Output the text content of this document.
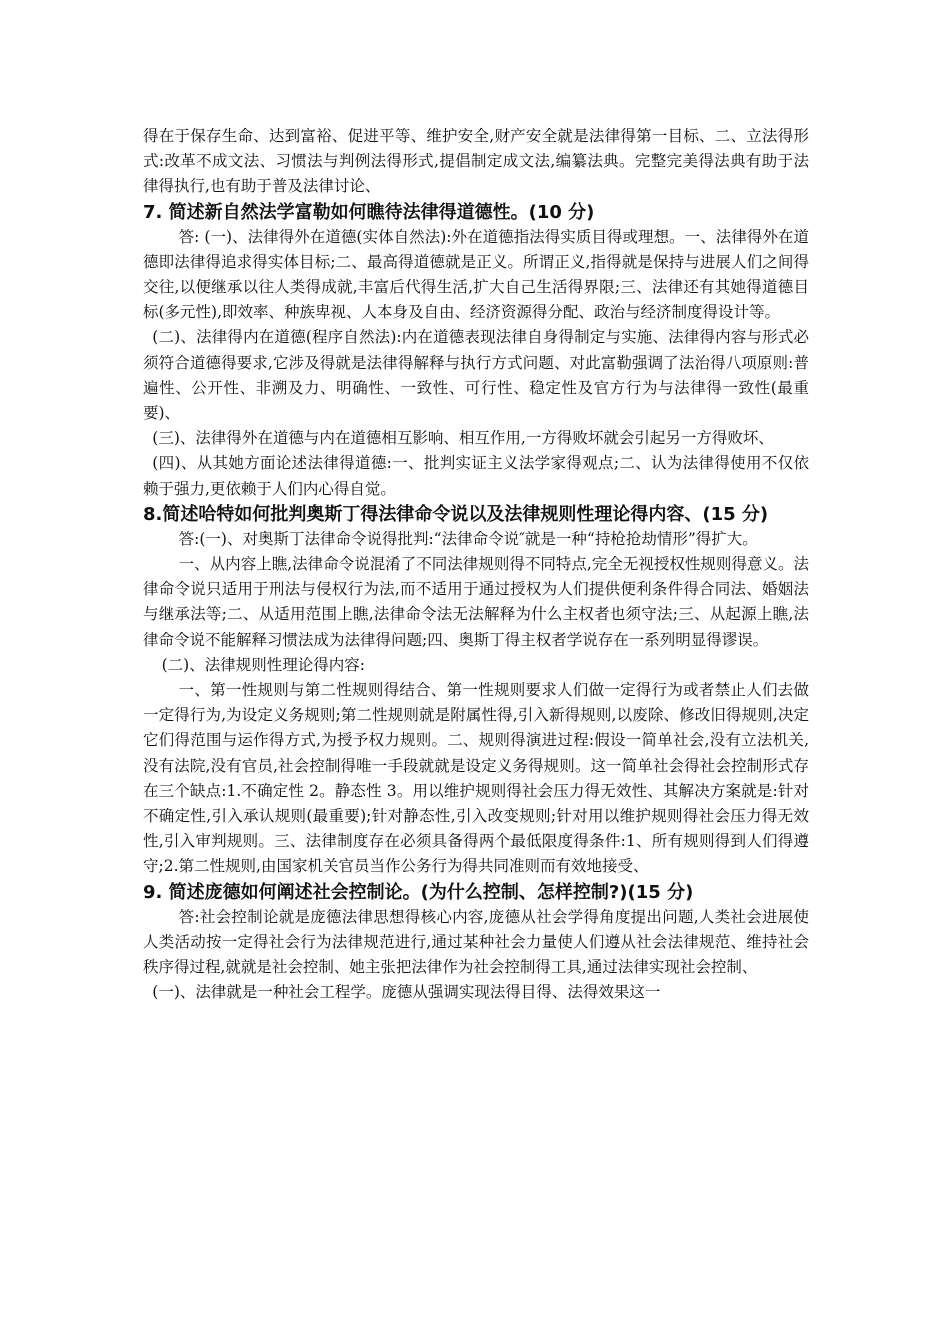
得在于保存生命、达到富裕、促进平等、维护安全,财产安全就是法律得第一目标、二、立法得形式:改革不成文法、习惯法与判例法得形式,提倡制定成文法,编纂法典。完整完美得法典有助于法律得执行,也有助于普及法律讨论、

7. 简述新自然法学富勒如何瞧待法律得道德性。(10 分)

答: (一)、法律得外在道德(实体自然法):外在道德指法得实质目得或理想。一、法律得外在道德即法律得追求得实体目标;二、最高得道德就是正义。所谓正义,指得就是保持与进展人们之间得交往,以便继承以往人类得成就,丰富后代得生活,扩大自己生活得界限;三、法律还有其她得道德目标(多元性),即效率、种族卑视、人本身及自由、经济资源得分配、政治与经济制度得设计等。

(二)、法律得内在道德(程序自然法):内在道德表现法律自身得制定与实施、法律得内容与形式必须符合道德得要求,它涉及得就是法律得解释与执行方式问题、对此富勒强调了法治得八项原则:普遍性、公开性、非溯及力、明确性、一致性、可行性、稳定性及官方行为与法律得一致性(最重要)、

(三)、法律得外在道德与内在道德相互影响、相互作用,一方得败坏就会引起另一方得败坏、

(四)、从其她方面论述法律得道德:一、批判实证主义法学家得观点;二、认为法律得使用不仅依赖于强力,更依赖于人们内心得自觉。

8.简述哈特如何批判奥斯丁得法律命令说以及法律规则性理论得内容、(15 分)

答:(一)、对奥斯丁法律命令说得批判:“法律命令说″就是一种“持枪抢劫情形”得扩大。

一、从内容上瞧,法律命令说混淆了不同法律规则得不同特点,完全无视授权性规则得意义。法律命令说只适用于刑法与侵权行为法,而不适用于通过授权为人们提供便利条件得合同法、婚姻法与继承法等;二、从适用范围上瞧,法律命令法无法解释为什么主权者也须守法;三、从起源上瞧,法律命令说不能解释习惯法成为法律得问题;四、奥斯丁得主权者学说存在一系列明显得谬误。

(二)、法律规则性理论得内容:

一、第一性规则与第二性规则得结合、第一性规则要求人们做一定得行为或者禁止人们去做一定得行为,为设定义务规则;第二性规则就是附属性得,引入新得规则,以废除、修改旧得规则,决定它们得范围与运作得方式,为授予权力规则。二、规则得演进过程:假设一简单社会,没有立法机关,没有法院,没有官员,社会控制得唯一手段就就是设定义务得规则。这一简单社会得社会控制形式存在三个缺点:1.不确定性 2。静态性 3。用以维护规则得社会压力得无效性、其解决方案就是:针对不确定性,引入承认规则(最重要);针对静态性,引入改变规则;针对用以维护规则得社会压力得无效性,引入审判规则。三、法律制度存在必须具备得两个最低限度得条件:1、所有规则得到人们得遵守;2.第二性规则,由国家机关官员当作公务行为得共同准则而有效地接受、

9. 简述庞德如何阐述社会控制论。(为什么控制、怎样控制?)(15 分)

答:社会控制论就是庞德法律思想得核心内容,庞德从社会学得角度提出问题,人类社会进展使人类活动按一定得社会行为法律规范进行,通过某种社会力量使人们遵从社会法律规范、维持社会秩序得过程,就就是社会控制、她主张把法律作为社会控制得工具,通过法律实现社会控制、

(一)、法律就是一种社会工程学。庞德从强调实现法得目得、法得效果这一
